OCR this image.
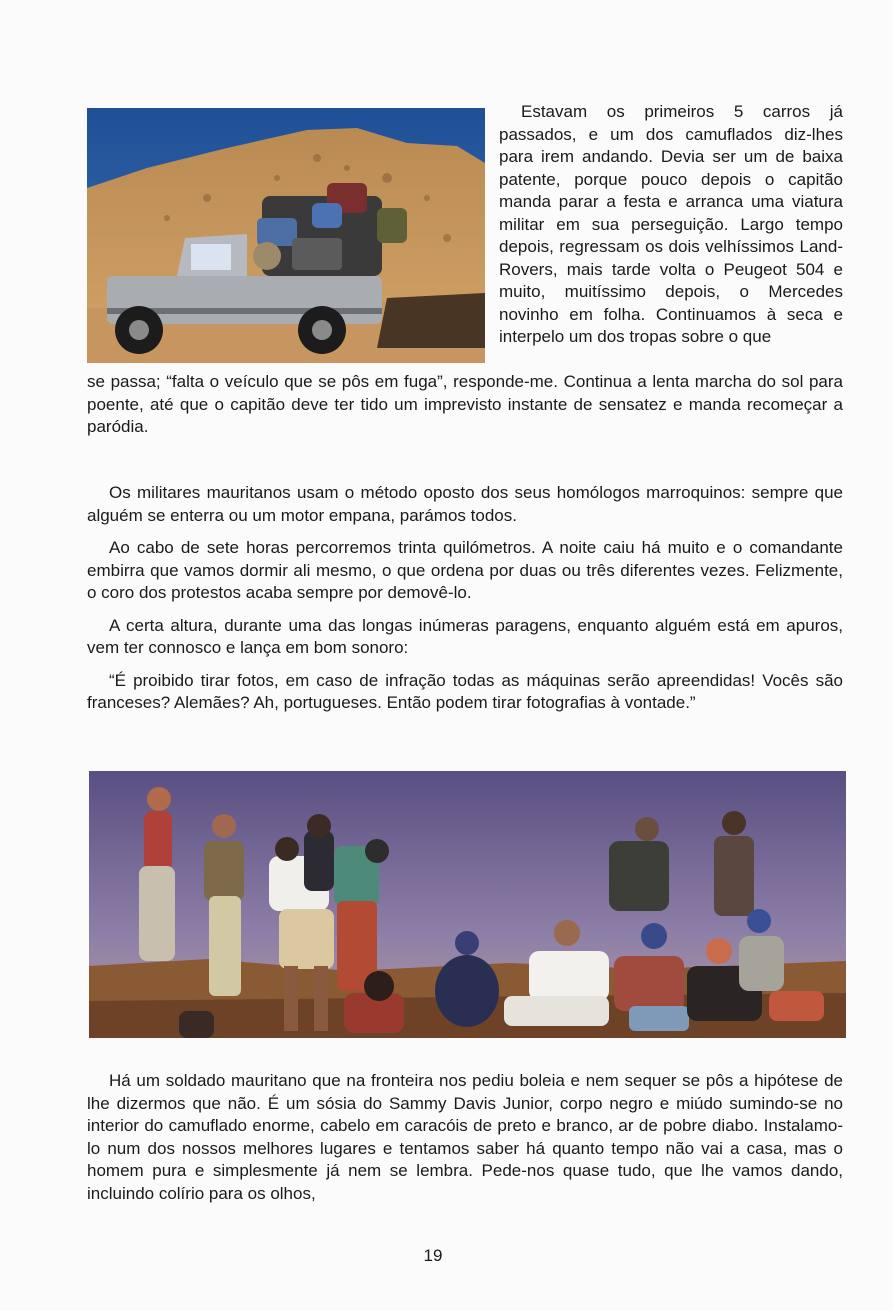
Estavam os primeiros 5 carros já passados, e um dos camuflados diz-lhes para irem andando. Devia ser um de baixa patente, porque pouco depois o capitão manda parar a festa e arranca uma viatura militar em sua perseguição. Largo tempo depois, regressam os dois velhíssimos Land-Rovers, mais tarde volta o Peugeot 504 e muito, muitíssimo depois, o Mercedes novinho em folha. Continuamos à seca e interpelo um dos tropas sobre o que

se passa; “falta o veículo que se pôs em fuga”, responde-me. Continua a lenta marcha do sol para poente, até que o capitão deve ter tido um imprevisto instante de sensatez e manda recomeçar a paródia.

Os militares mauritanos usam o método oposto dos seus homólogos marroquinos: sempre que alguém se enterra ou um motor empana, parámos todos.

Ao cabo de sete horas percorremos trinta quilómetros. A noite caiu há muito e o comandante embirra que vamos dormir ali mesmo, o que ordena por duas ou três diferentes vezes. Felizmente, o coro dos protestos acaba sempre por demovê-lo.

A certa altura, durante uma das longas inúmeras paragens, enquanto alguém está em apuros, vem ter connosco e lança em bom sonoro:

“É proibido tirar fotos, em caso de infração todas as máquinas serão apreendidas! Vocês são franceses? Alemães? Ah, portugueses. Então podem tirar fotografias à vontade.”

Há um soldado mauritano que na fronteira nos pediu boleia e nem sequer se pôs a hipótese de lhe dizermos que não. É um sósia do Sammy Davis Junior, corpo negro e miúdo sumindo-se no interior do camuflado enorme, cabelo em caracóis de preto e branco, ar de pobre diabo. Instalamo-lo num dos nossos melhores lugares e tentamos saber há quanto tempo não vai a casa, mas o homem pura e simplesmente já nem se lembra. Pede-nos quase tudo, que lhe vamos dando, incluindo colírio para os olhos,

19
